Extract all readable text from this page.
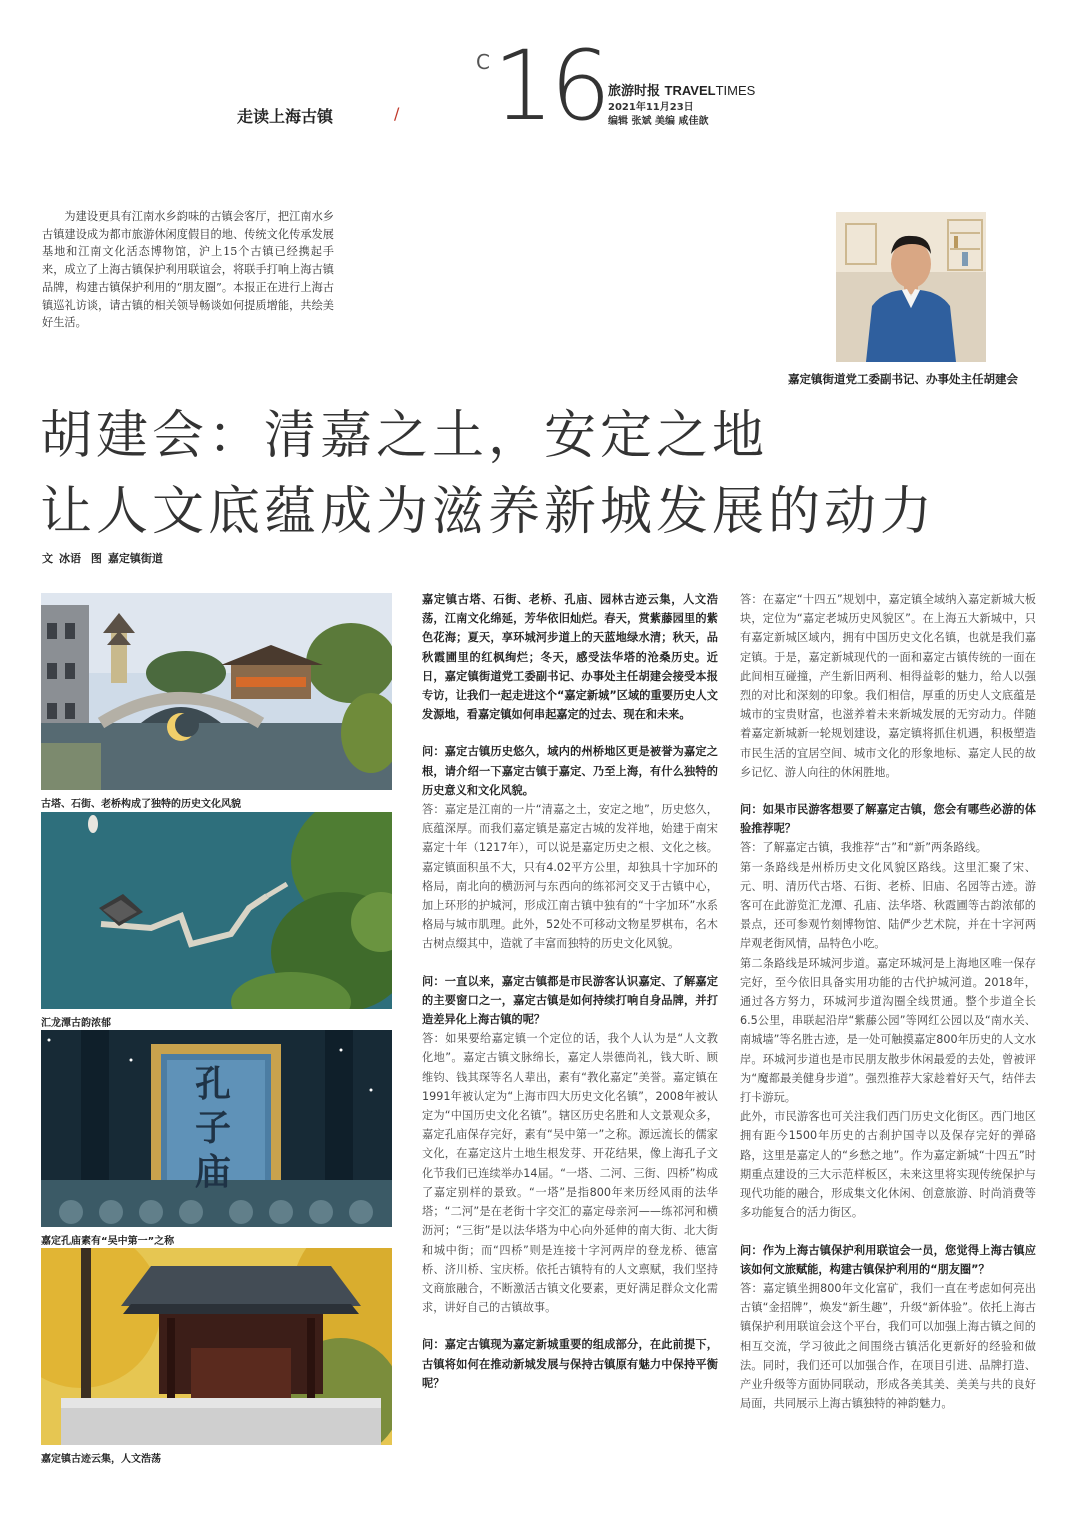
走读上海古镇	/
C 16 旅游时报 TRAVELTIMES
2021年11月23日
编辑 张斌 美编 咸佳歆
为建设更具有江南水乡韵味的古镇会客厅，把江南水乡古镇建设成为都市旅游休闲度假目的地、传统文化传承发展基地和江南文化活态博物馆，沪上15个古镇已经携起手来，成立了上海古镇保护利用联谊会，将联手打响上海古镇品牌，构建古镇保护利用的“朋友圈”。本报正在进行上海古镇巡礼访谈，请古镇的相关领导畅谈如何提质增能，共绘美好生活。
嘉定镇街道党工委副书记、办事处主任胡建会
胡建会：清嘉之土，安定之地
让人文底蕴成为滋养新城发展的动力
文 冰语 图 嘉定镇街道
古塔、石街、老桥构成了独特的历史文化风貌
汇龙潭古韵浓郁
孔子庙
嘉定孔庙素有“吴中第一”之称
嘉定镇古迹云集，人文浩荡

嘉定镇古塔、石街、老桥、孔庙、园林古迹云集，人文浩荡，江南文化绵延，芳华依旧灿烂。春天，赏紫藤园里的紫色花海；夏天，享环城河步道上的天蓝地绿水清；秋天，品秋霞圃里的红枫绚烂；冬天，感受法华塔的沧桑历史。近日，嘉定镇街道党工委副书记、办事处主任胡建会接受本报专访，让我们一起走进这个“嘉定新城”区域的重要历史人文发源地，看嘉定镇如何串起嘉定的过去、现在和未来。

问：嘉定古镇历史悠久，域内的州桥地区更是被誉为嘉定之根，请介绍一下嘉定古镇于嘉定、乃至上海，有什么独特的历史意义和文化风貌。

答：嘉定是江南的一片“清嘉之土，安定之地”，历史悠久，底蕴深厚。而我们嘉定镇是嘉定古城的发祥地，始建于南宋嘉定十年（1217年），可以说是嘉定历史之根、文化之核。嘉定镇面积虽不大，只有4.02平方公里，却独具十字加环的格局，南北向的横沥河与东西向的练祁河交叉于古镇中心，加上环形的护城河，形成江南古镇中独有的“十字加环”水系格局与城市肌理。此外，52处不可移动文物星罗棋布，名木古树点缀其中，造就了丰富而独特的历史文化风貌。

问：一直以来，嘉定古镇都是市民游客认识嘉定、了解嘉定的主要窗口之一，嘉定古镇是如何持续打响自身品牌，并打造差异化上海古镇的呢？

答：如果要给嘉定镇一个定位的话，我个人认为是“人文教化地”。嘉定古镇文脉绵长，嘉定人崇德尚礼，钱大昕、顾维钧、钱其琛等名人辈出，素有“教化嘉定”美誉。嘉定镇在1991年被认定为“上海市四大历史文化名镇”，2008年被认定为“中国历史文化名镇”。辖区历史名胜和人文景观众多，嘉定孔庙保存完好，素有“吴中第一”之称。源远流长的儒家文化，在嘉定这片土地生根发芽、开花结果，像上海孔子文化节我们已连续举办14届。“一塔、二河、三街、四桥”构成了嘉定别样的景致。“一塔”是指800年来历经风雨的法华塔；“二河”是在老街十字交汇的嘉定母亲河——练祁河和横沥河；“三街”是以法华塔为中心向外延伸的南大街、北大街和城中街；而“四桥”则是连接十字河两岸的登龙桥、德富桥、济川桥、宝庆桥。依托古镇特有的人文禀赋，我们坚持文商旅融合，不断激活古镇文化要素，更好满足群众文化需求，讲好自己的古镇故事。

问：嘉定古镇现为嘉定新城重要的组成部分，在此前提下，古镇将如何在推动新城发展与保持古镇原有魅力中保持平衡呢？

答：在嘉定“十四五”规划中，嘉定镇全域纳入嘉定新城大板块，定位为“嘉定老城历史风貌区”。在上海五大新城中，只有嘉定新城区域内，拥有中国历史文化名镇，也就是我们嘉定镇。于是，嘉定新城现代的一面和嘉定古镇传统的一面在此间相互碰撞，产生新旧两利、相得益彰的魅力，给人以强烈的对比和深刻的印象。我们相信，厚重的历史人文底蕴是城市的宝贵财富，也滋养着未来新城发展的无穷动力。伴随着嘉定新城新一轮规划建设，嘉定镇将抓住机遇，积极塑造市民生活的宜居空间、城市文化的形象地标、嘉定人民的故乡记忆、游人向往的休闲胜地。

问：如果市民游客想要了解嘉定古镇，您会有哪些必游的体验推荐呢？

答：了解嘉定古镇，我推荐“古”和“新”两条路线。

第一条路线是州桥历史文化风貌区路线。这里汇聚了宋、元、明、清历代古塔、石街、老桥、旧庙、名园等古迹。游客可在此游览汇龙潭、孔庙、法华塔、秋霞圃等古韵浓郁的景点，还可参观竹刻博物馆、陆俨少艺术院，并在十字河两岸观老街风情，品特色小吃。

第二条路线是环城河步道。嘉定环城河是上海地区唯一保存完好，至今依旧具备实用功能的古代护城河道。2018年，通过各方努力，环城河步道沟圈全线贯通。整个步道全长6.5公里，串联起沿岸“紫藤公园”等网红公园以及“南水关、南城墙”等名胜古迹，是一处可触摸嘉定800年历史的人文水岸。环城河步道也是市民朋友散步休闲最爱的去处，曾被评为“魔都最美健身步道”。强烈推荐大家趁着好天气，结伴去打卡游玩。

此外，市民游客也可关注我们西门历史文化街区。西门地区拥有距今1500年历史的古刹护国寺以及保存完好的弹硌路，这里是嘉定人的“乡愁之地”。作为嘉定新城“十四五”时期重点建设的三大示范样板区，未来这里将实现传统保护与现代功能的融合，形成集文化休闲、创意旅游、时尚消费等多功能复合的活力街区。

问：作为上海古镇保护利用联谊会一员，您觉得上海古镇应该如何文旅赋能，构建古镇保护利用的“朋友圈”？

答：嘉定镇坐拥800年文化富矿，我们一直在考虑如何亮出古镇“金招牌”，焕发“新生趣”，升级“新体验”。依托上海古镇保护利用联谊会这个平台，我们可以加强上海古镇之间的相互交流，学习彼此之间围绕古镇活化更新好的经验和做法。同时，我们还可以加强合作，在项目引进、品牌打造、产业升级等方面协同联动，形成各美其美、美美与共的良好局面，共同展示上海古镇独特的神韵魅力。
